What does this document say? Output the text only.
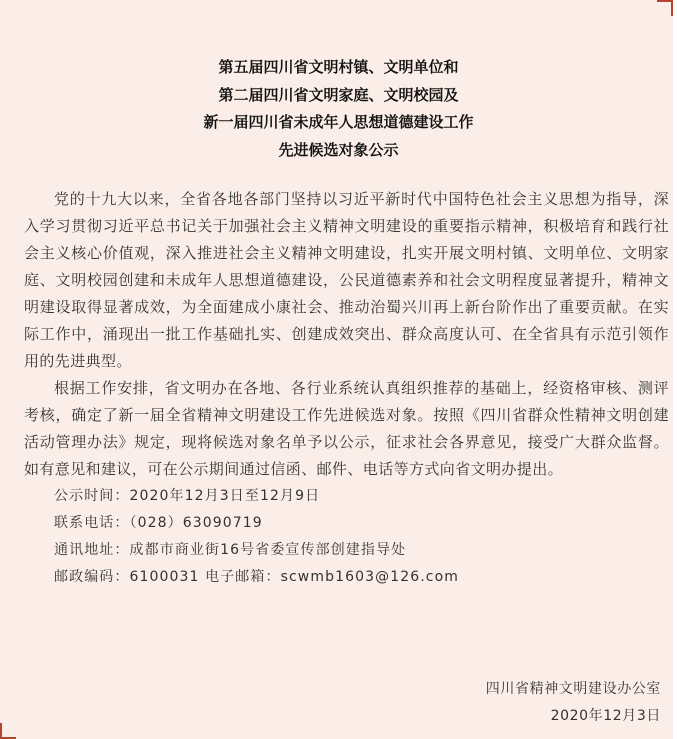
第五届四川省文明村镇、文明单位和
第二届四川省文明家庭、文明校园及
新一届四川省未成年人思想道德建设工作
先进候选对象公示

党的十九大以来，全省各地各部门坚持以习近平新时代中国特色社会主义思想为指导，深入学习贯彻习近平总书记关于加强社会主义精神文明建设的重要指示精神，积极培育和践行社会主义核心价值观，深入推进社会主义精神文明建设，扎实开展文明村镇、文明单位、文明家庭、文明校园创建和未成年人思想道德建设，公民道德素养和社会文明程度显著提升，精神文明建设取得显著成效，为全面建成小康社会、推动治蜀兴川再上新台阶作出了重要贡献。在实际工作中，涌现出一批工作基础扎实、创建成效突出、群众高度认可、在全省具有示范引领作用的先进典型。

根据工作安排，省文明办在各地、各行业系统认真组织推荐的基础上，经资格审核、测评考核，确定了新一届全省精神文明建设工作先进候选对象。按照《四川省群众性精神文明创建活动管理办法》规定，现将候选对象名单予以公示，征求社会各界意见，接受广大群众监督。如有意见和建议，可在公示期间通过信函、邮件、电话等方式向省文明办提出。

公示时间：2020年12月3日至12月9日

联系电话：（028）63090719

通讯地址：成都市商业街16号省委宣传部创建指导处

邮政编码：6100031 电子邮箱：scwmb1603@126.com

四川省精神文明建设办公室
2020年12月3日
